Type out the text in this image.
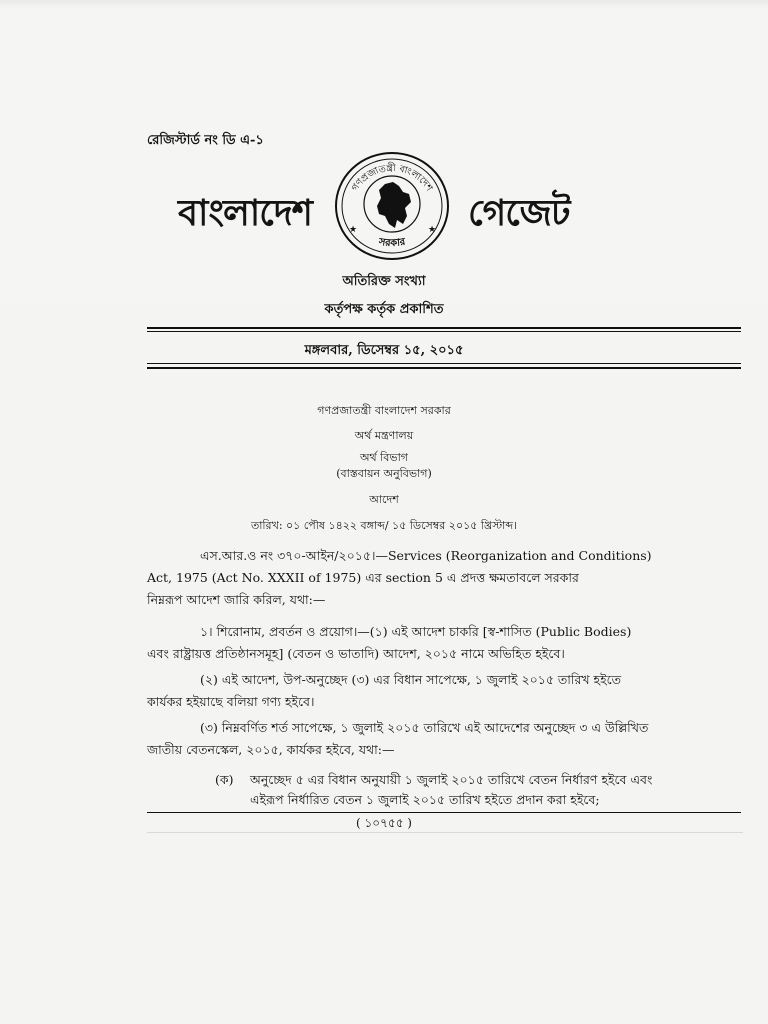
রেজিস্টার্ড নং ডি এ-১
বাংলাদেশ
গণপ্রজাতন্ত্রী বাংলাদেশ
সরকার
★	★ গেজেট
অতিরিক্ত সংখ্যা
কর্তৃপক্ষ কর্তৃক প্রকাশিত
মঙ্গলবার, ডিসেম্বর ১৫, ২০১৫
গণপ্রজাতন্ত্রী বাংলাদেশ সরকার
অর্থ মন্ত্রণালয়
অর্থ বিভাগ
(বাস্তবায়ন অনুবিভাগ)
আদেশ
তারিখ: ০১ পৌষ ১৪২২ বঙ্গাব্দ/ ১৫ ডিসেম্বর ২০১৫ খ্রিস্টাব্দ।
এস.আর.ও নং ৩৭০-আইন/২০১৫।—Services (Reorganization and Conditions)
Act, 1975 (Act No. XXXII of 1975) এর section 5 এ প্রদত্ত ক্ষমতাবলে সরকার
নিম্নরূপ আদেশ জারি করিল, যথা:—
১। শিরোনাম, প্রবর্তন ও প্রয়োগ।—(১) এই আদেশ চাকরি [স্ব-শাসিত (Public Bodies)
এবং রাষ্ট্রায়ত্ত প্রতিষ্ঠানসমূহ] (বেতন ও ভাতাদি) আদেশ, ২০১৫ নামে অভিহিত হইবে।
(২) এই আদেশ, উপ-অনুচ্ছেদ (৩) এর বিধান সাপেক্ষে, ১ জুলাই ২০১৫ তারিখ হইতে
কার্যকর হইয়াছে বলিয়া গণ্য হইবে।
(৩) নিম্নবর্ণিত শর্ত সাপেক্ষে, ১ জুলাই ২০১৫ তারিখে এই আদেশের অনুচ্ছেদ ৩ এ উল্লিখিত
জাতীয় বেতনস্কেল, ২০১৫, কার্যকর হইবে, যথা:—
(ক) অনুচ্ছেদ ৫ এর বিধান অনুযায়ী ১ জুলাই ২০১৫ তারিখে বেতন নির্ধারণ হইবে এবং
এইরূপ নির্ধারিত বেতন ১ জুলাই ২০১৫ তারিখ হইতে প্রদান করা হইবে;
( ১০৭৫৫ )
